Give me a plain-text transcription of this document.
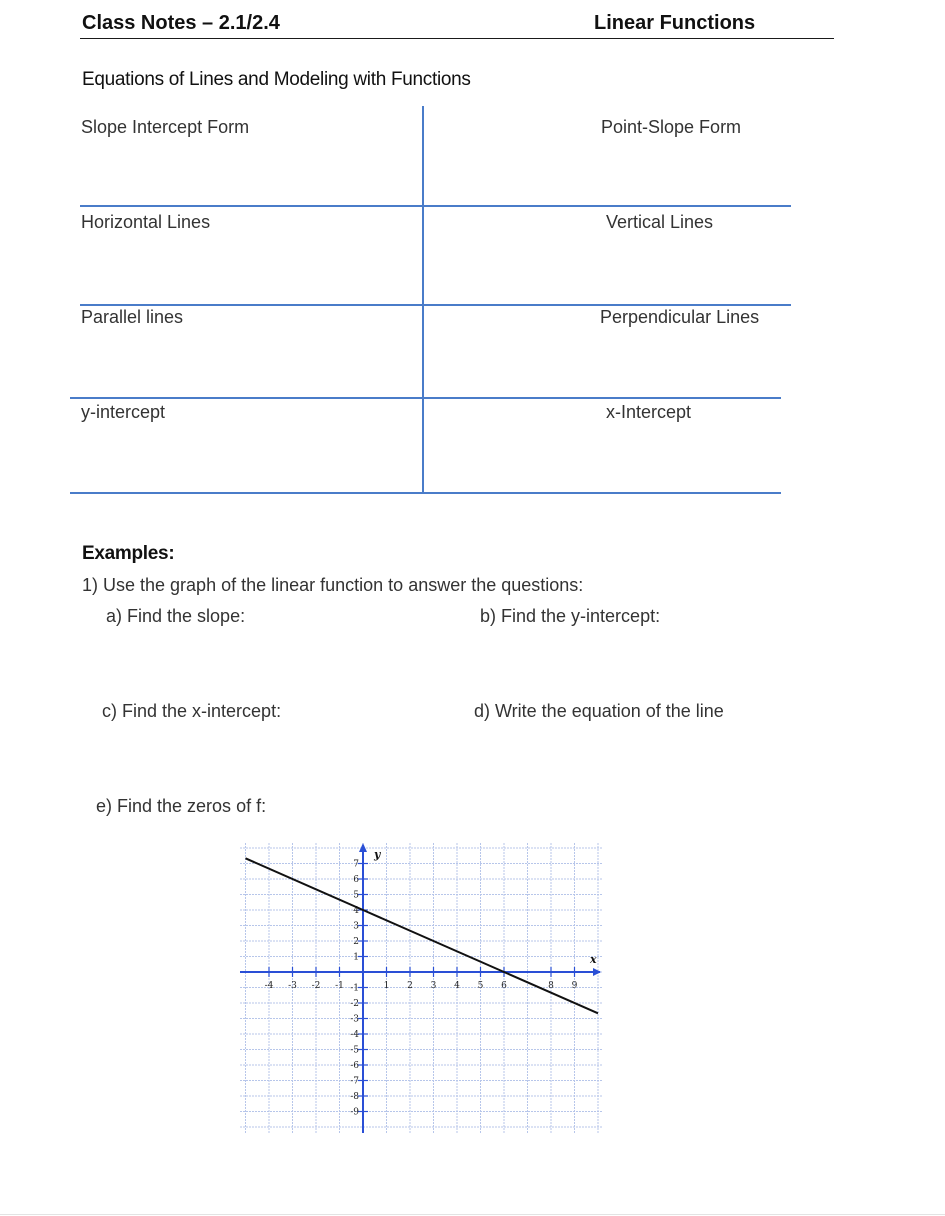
Class Notes – 2.1/2.4	Linear Functions
Equations of Lines and Modeling with Functions
Slope Intercept Form	Point-Slope Form
Horizontal Lines	Vertical Lines
Parallel lines	Perpendicular Lines
y-intercept	x-Intercept
Examples:
1) Use the graph of the linear function to answer the questions:
a) Find the slope:	b) Find the y-intercept:
c) Find the x-intercept:	d) Write the equation of the line
e) Find the zeros of f:
y
x
-4 -3 -2 -1	1 2 3 4 5 6	8 9
7
6
5
4
3
2
1
-1
-2
-3
-4
-5
-6
-7
-8
-9
